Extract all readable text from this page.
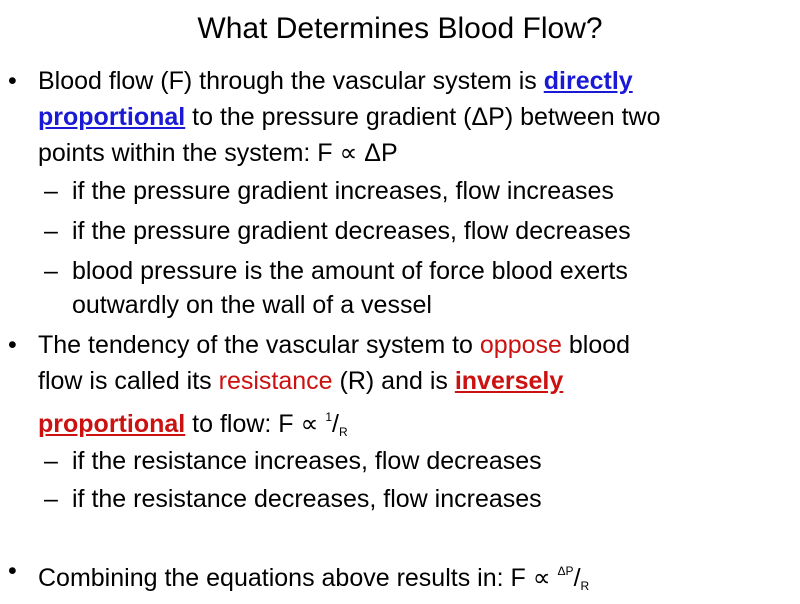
What Determines Blood Flow?
• Blood flow (F) through the vascular system is directly
proportional to the pressure gradient (ΔP) between two
points within the system: F ∝ ΔP
– if the pressure gradient increases, flow increases
– if the pressure gradient decreases, flow decreases
– blood pressure is the amount of force blood exerts
outwardly on the wall of a vessel
• The tendency of the vascular system to oppose blood
flow is called its resistance (R) and is inversely
proportional to flow: $F \propto ^1/_R$
– if the resistance increases, flow decreases
– if the resistance decreases, flow increases
• Combining the equations above results in: $F \propto ^{\Delta P}/_R$
